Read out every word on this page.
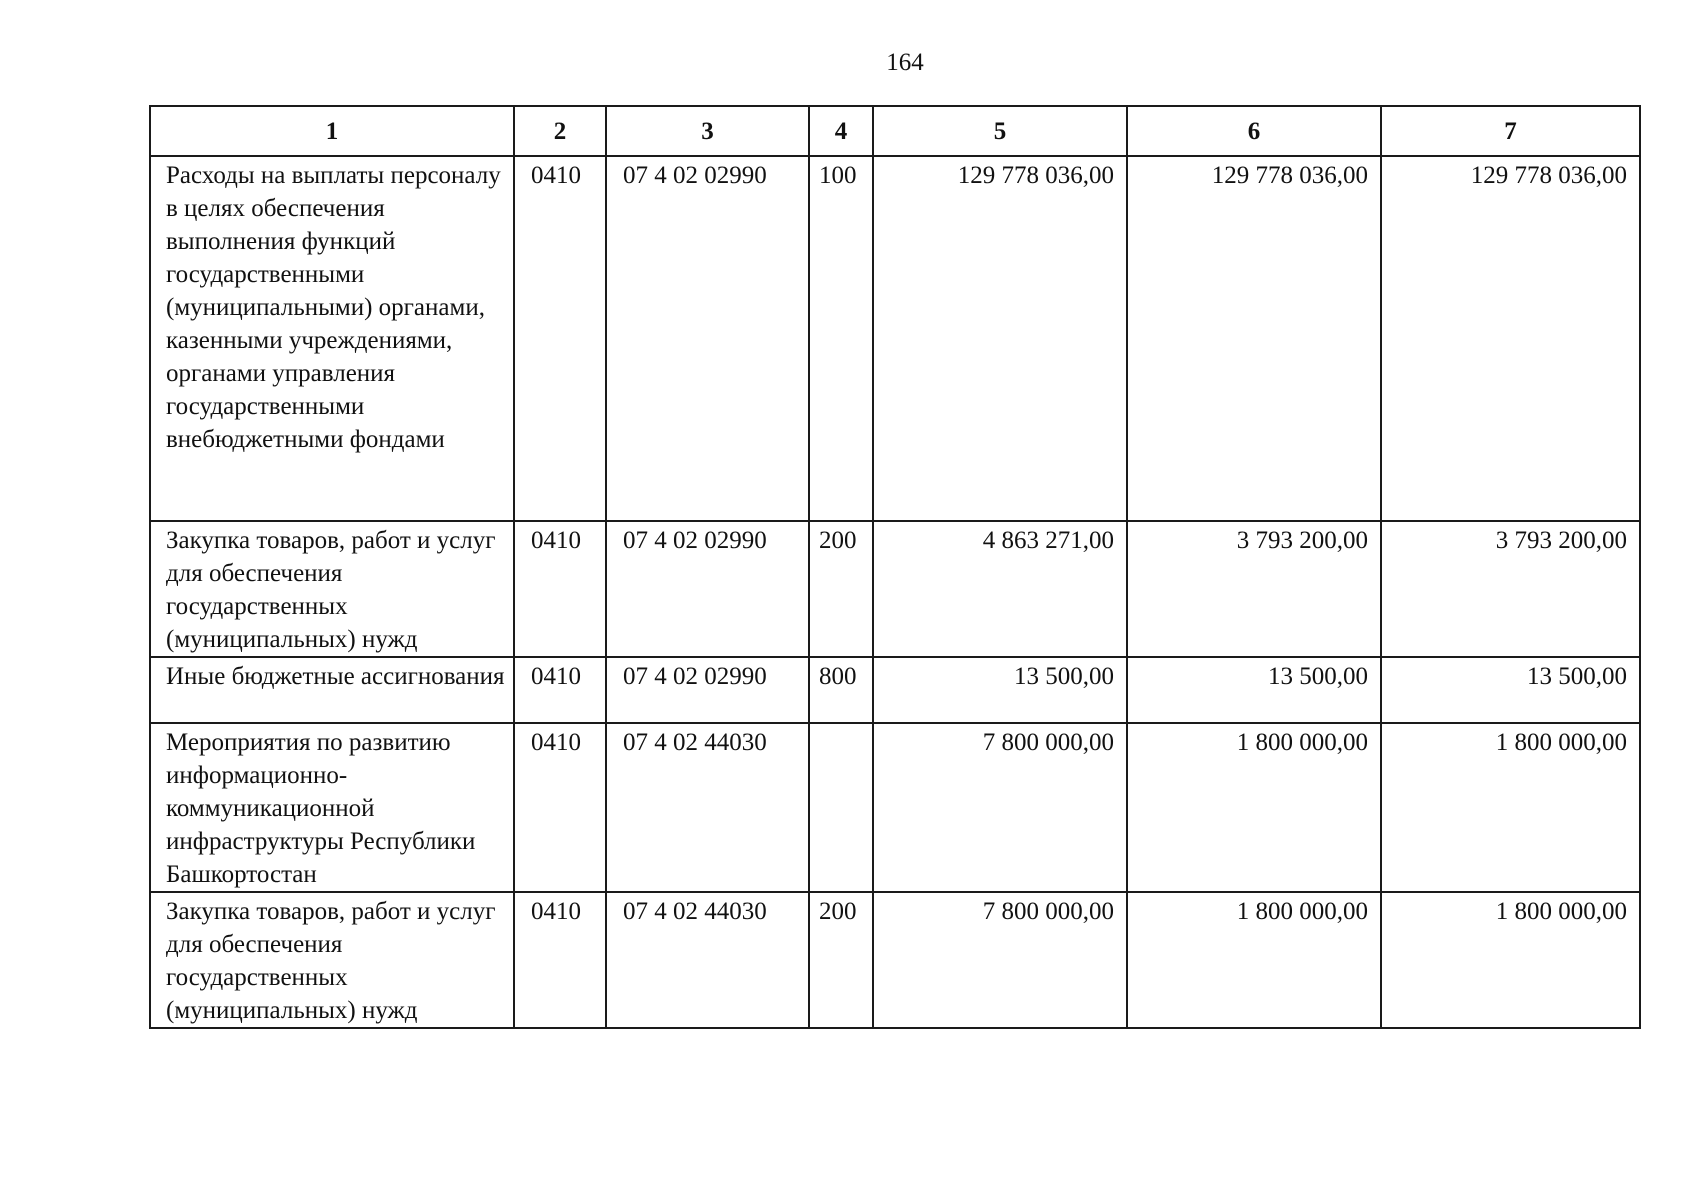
164
1	2	3	4	5	6	7
Расходы на выплаты персоналу в целях обеспечения выполнения функций государственными (муниципальными) органами, казенными учреждениями, органами управления государственными внебюджетными фондами	0410	07 4 02 02990	100	129 778 036,00	129 778 036,00	129 778 036,00
Закупка товаров, работ и услуг для обеспечения государственных (муниципальных) нужд	0410	07 4 02 02990	200	4 863 271,00	3 793 200,00	3 793 200,00
Иные бюджетные ассигнования	0410	07 4 02 02990	800	13 500,00	13 500,00	13 500,00
Мероприятия по развитию информационно-коммуникационной инфраструктуры Республики Башкортостан	0410	07 4 02 44030		7 800 000,00	1 800 000,00	1 800 000,00
Закупка товаров, работ и услуг для обеспечения государственных (муниципальных) нужд	0410	07 4 02 44030	200	7 800 000,00	1 800 000,00	1 800 000,00
